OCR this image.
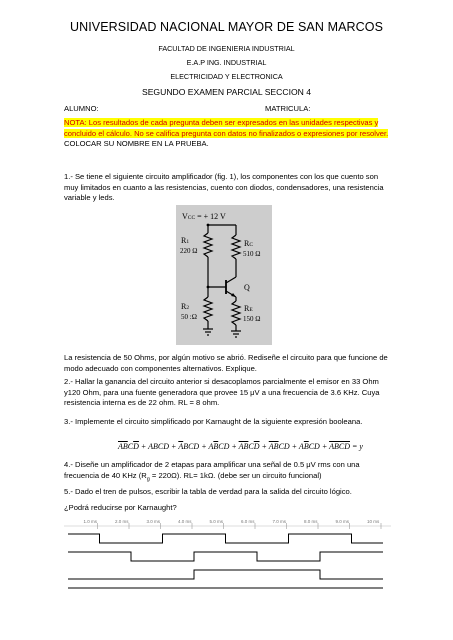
UNIVERSIDAD NACIONAL MAYOR DE SAN MARCOS
FACULTAD DE INGENIERIA INDUSTRIAL
E.A.P ING. INDUSTRIAL
ELECTRICIDAD Y ELECTRONICA
SEGUNDO EXAMEN PARCIAL SECCION 4
ALUMNO:	MATRICULA:
NOTA: Los resultados de cada pregunta deben ser expresados en las unidades respectivas y concluido el cálculo. No se califica pregunta con datos no finalizados o expresiones por resolver. COLOCAR SU NOMBRE EN LA PRUEBA.
1.- Se tiene el siguiente circuito amplificador (fig. 1), los componentes con los que cuento son muy limitados en cuanto a las resistencias, cuento con diodos, condensadores, una resistencia variable y leds.
VCC = + 12 V
R1
220 Ω
RC
510 Ω
Q
R2
50 :Ω
RE
150 Ω
La resistencia de 50 Ohms, por algún motivo se abrió. Rediseñe el circuito para que funcione de modo adecuado con componentes alternativos. Explique.
2.- Hallar la ganancia del circuito anterior si desacoplamos parcialmente el emisor en 33 Ohm y120 Ohm, para una fuente generadora que provee 15 μV a una frecuencia de 3.6 KHz. Cuya resistencia interna es de 22 ohm. RL = 8 ohm.
3.- Implemente el circuito simplificado por Karnaught de la siguiente expresión booleana.
$\overline{AB}C\overline{D}$ + ABCD + $\overline{A}BCD + A\overline{B}CD + \overline{AB}C\overline{D} + \overline{AB}CD + A\overline{B}CD$ + ABCD = y
4.- Diseñe un amplificador de 2 etapas para amplificar una señal de 0.5 μV rms con una frecuencia de 40 KHz $(R_g = 220\Omega)$. RL= 1kΩ. (debe ser un circuito funcional)
5.- Dado el tren de pulsos, escribir la tabla de verdad para la salida del circuito lógico.
¿Podrá reducirse por Karnaught?
1.0 ms	2.0 ms	3.0 ms	4.0 ms	5.0 ms	6.0 ms	7.0 ms	8.0 ms	9.0 ms	10 ms
